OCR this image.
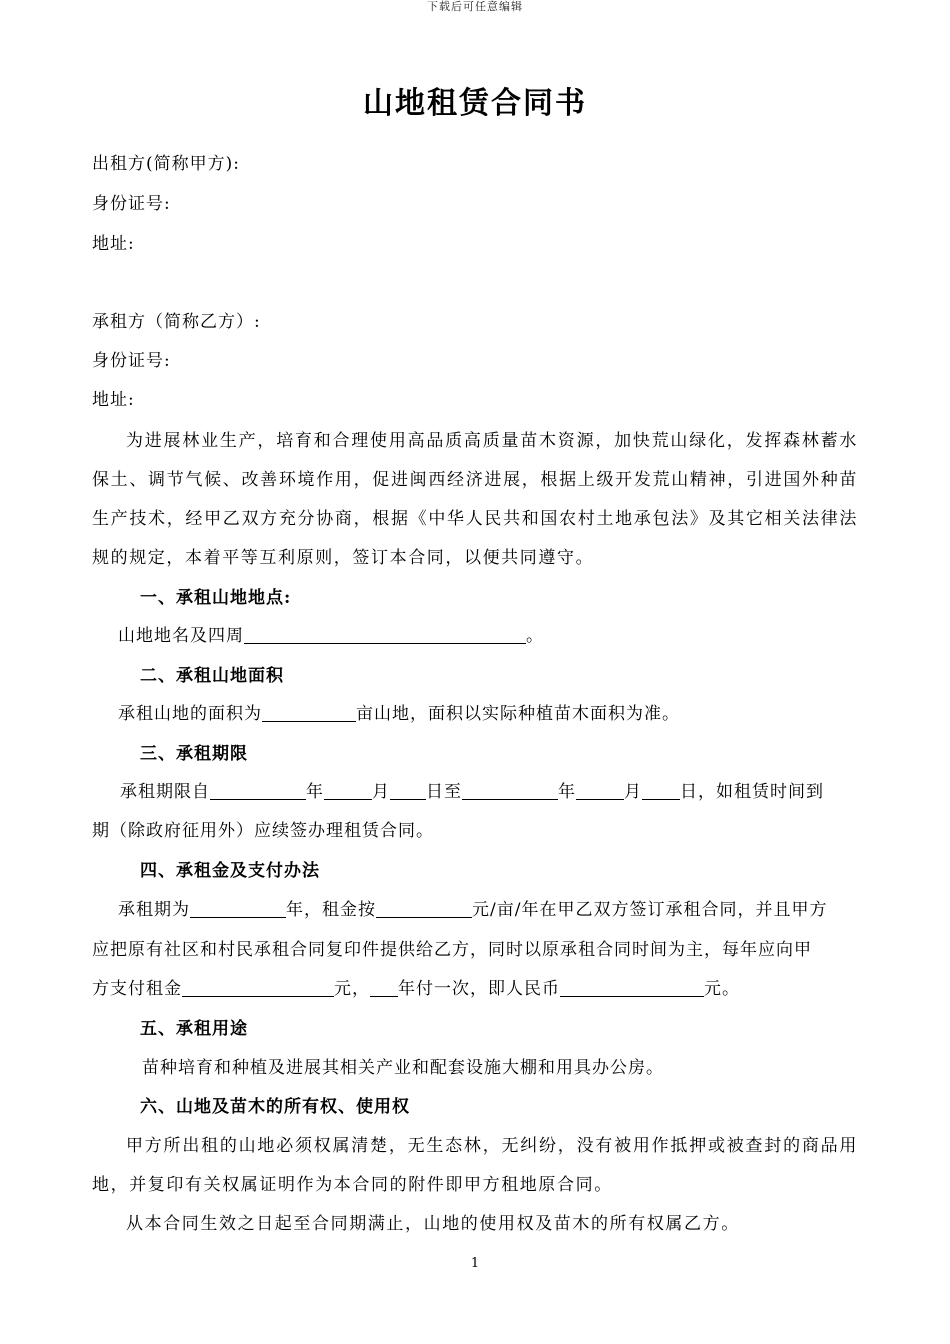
下载后可任意编辑
山地租赁合同书
出租方(简称甲方):
身份证号:
地址:
承租方（简称乙方）:
身份证号:
地址:

为进展林业生产，培育和合理使用高品质高质量苗木资源，加快荒山绿化，发挥森林蓄水保土、调节气候、改善环境作用，促进闽西经济进展，根据上级开发荒山精神，引进国外种苗生产技术，经甲乙双方充分协商，根据《中华人民共和国农村土地承包法》及其它相关法律法规的规定，本着平等互利原则，签订本合同，以便共同遵守。

一、承租山地地点:
山地地名及四周	。
二、承租山地面积
承租山地的面积为	亩山地，面积以实际种植苗木面积为准。
三、承租期限
承租期限自	年	月 日至	年	月 日，如租赁时间到
期（除政府征用外）应续签办理租赁合同。
四、承租金及支付办法
承租期为	年，租金按	元/亩/年在甲乙双方签订承租合同，并且甲方
应把原有社区和村民承租合同复印件提供给乙方，同时以原承租合同时间为主，每年应向甲
方支付租金	元， 年付一次，即人民币	元。
五、承租用途
苗种培育和种植及进展其相关产业和配套设施大棚和用具办公房。
六、山地及苗木的所有权、使用权

甲方所出租的山地必须权属清楚，无生态林，无纠纷，没有被用作抵押或被查封的商品用地，并复印有关权属证明作为本合同的附件即甲方租地原合同。

从本合同生效之日起至合同期满止，山地的使用权及苗木的所有权属乙方。

1
